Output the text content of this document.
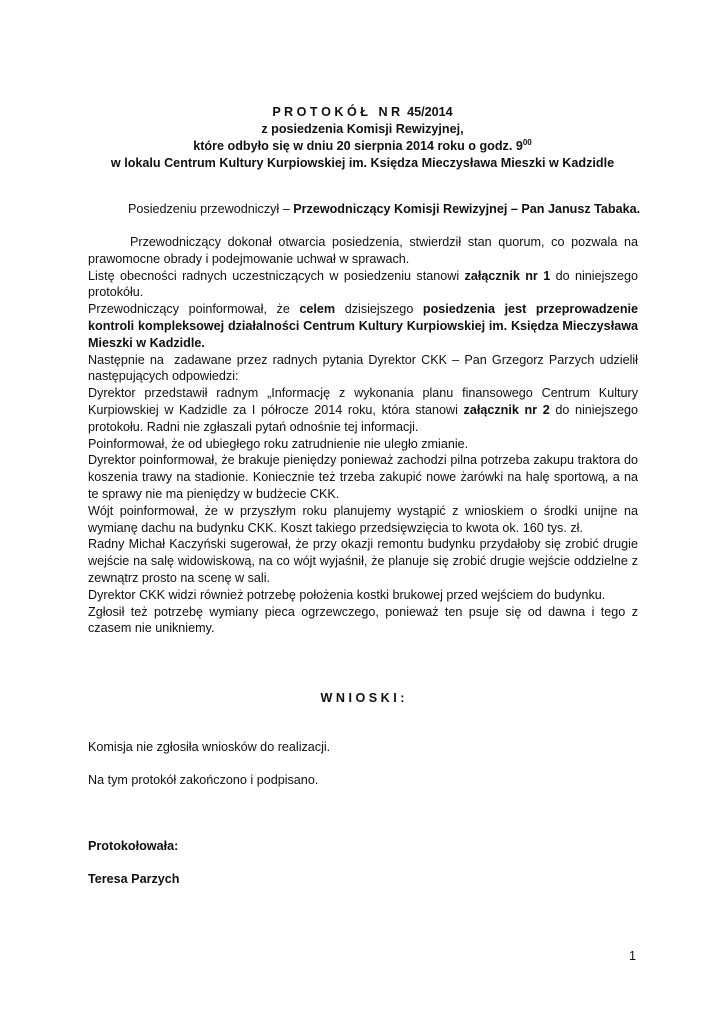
P R O T O K Ó Ł   N R  45/2014
z posiedzenia Komisji Rewizyjnej,
które odbyło się w dniu 20 sierpnia 2014 roku o godz. $9^{00}$
w lokalu Centrum Kultury Kurpiowskiej im. Księdza Mieczysława Mieszki w Kadzidle
Posiedzeniu przewodniczył – Przewodniczący Komisji Rewizyjnej – Pan Janusz Tabaka.

Przewodniczący dokonał otwarcia posiedzenia, stwierdził stan quorum, co pozwala na prawomocne obrady i podejmowanie uchwał w sprawach.

Listę obecności radnych uczestniczących w posiedzeniu stanowi załącznik nr 1 do niniejszego protokółu.

Przewodniczący poinformował, że celem dzisiejszego posiedzenia jest przeprowadzenie kontroli kompleksowej działalności Centrum Kultury Kurpiowskiej im. Księdza Mieczysława Mieszki w Kadzidle.

Następnie na  zadawane przez radnych pytania Dyrektor CKK – Pan Grzegorz Parzych udzielił następujących odpowiedzi:

Dyrektor przedstawił radnym „Informację z wykonania planu finansowego Centrum Kultury Kurpiowskiej w Kadzidle za I półrocze 2014 roku, która stanowi załącznik nr 2 do niniejszego protokołu. Radni nie zgłaszali pytań odnośnie tej informacji.

Poinformował, że od ubiegłego roku zatrudnienie nie uległo zmianie.

Dyrektor poinformował, że brakuje pieniędzy ponieważ zachodzi pilna potrzeba zakupu traktora do koszenia trawy na stadionie. Koniecznie też trzeba zakupić nowe żarówki na halę sportową, a na te sprawy nie ma pieniędzy w budżecie CKK.

Wójt poinformował, że w przyszłym roku planujemy wystąpić z wnioskiem o środki unijne na wymianę dachu na budynku CKK. Koszt takiego przedsięwzięcia to kwota ok. 160 tys. zł.

Radny Michał Kaczyński sugerował, że przy okazji remontu budynku przydałoby się zrobić drugie wejście na salę widowiskową, na co wójt wyjaśnił, że planuje się zrobić drugie wejście oddzielne z zewnątrz prosto na scenę w sali.

Dyrektor CKK widzi również potrzebę położenia kostki brukowej przed wejściem do budynku.

Zgłosił też potrzebę wymiany pieca ogrzewczego, ponieważ ten psuje się od dawna i tego z czasem nie unikniemy.

W N I O S K I :
Komisja nie zgłosiła wniosków do realizacji.
Na tym protokół zakończono i podpisano.
Protokołowała:
Teresa Parzych
1
